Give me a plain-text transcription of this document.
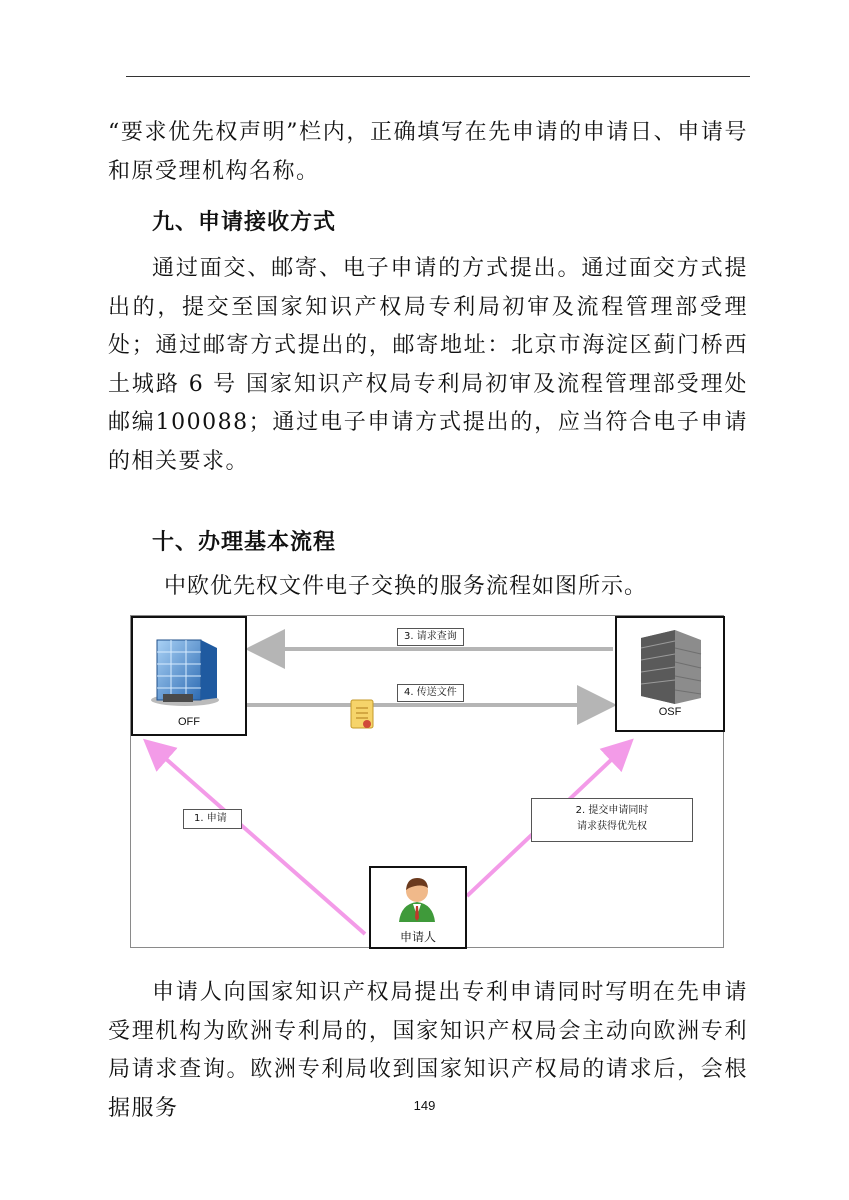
“要求优先权声明”栏内，正确填写在先申请的申请日、申请号和原受理机构名称。

九、申请接收方式

通过面交、邮寄、电子申请的方式提出。通过面交方式提出的，提交至国家知识产权局专利局初审及流程管理部受理处；通过邮寄方式提出的，邮寄地址：北京市海淀区蓟门桥西土城路 6 号 国家知识产权局专利局初审及流程管理部受理处 邮编100088；通过电子申请方式提出的，应当符合电子申请的相关要求。

十、办理基本流程
中欧优先权文件电子交换的服务流程如图所示。
OFF
OSF
3. 请求查询
4. 传送文件
1. 申请
2. 提交申请同时
请求获得优先权
申请人

申请人向国家知识产权局提出专利申请同时写明在先申请受理机构为欧洲专利局的，国家知识产权局会主动向欧洲专利局请求查询。欧洲专利局收到国家知识产权局的请求后，会根据服务	149
